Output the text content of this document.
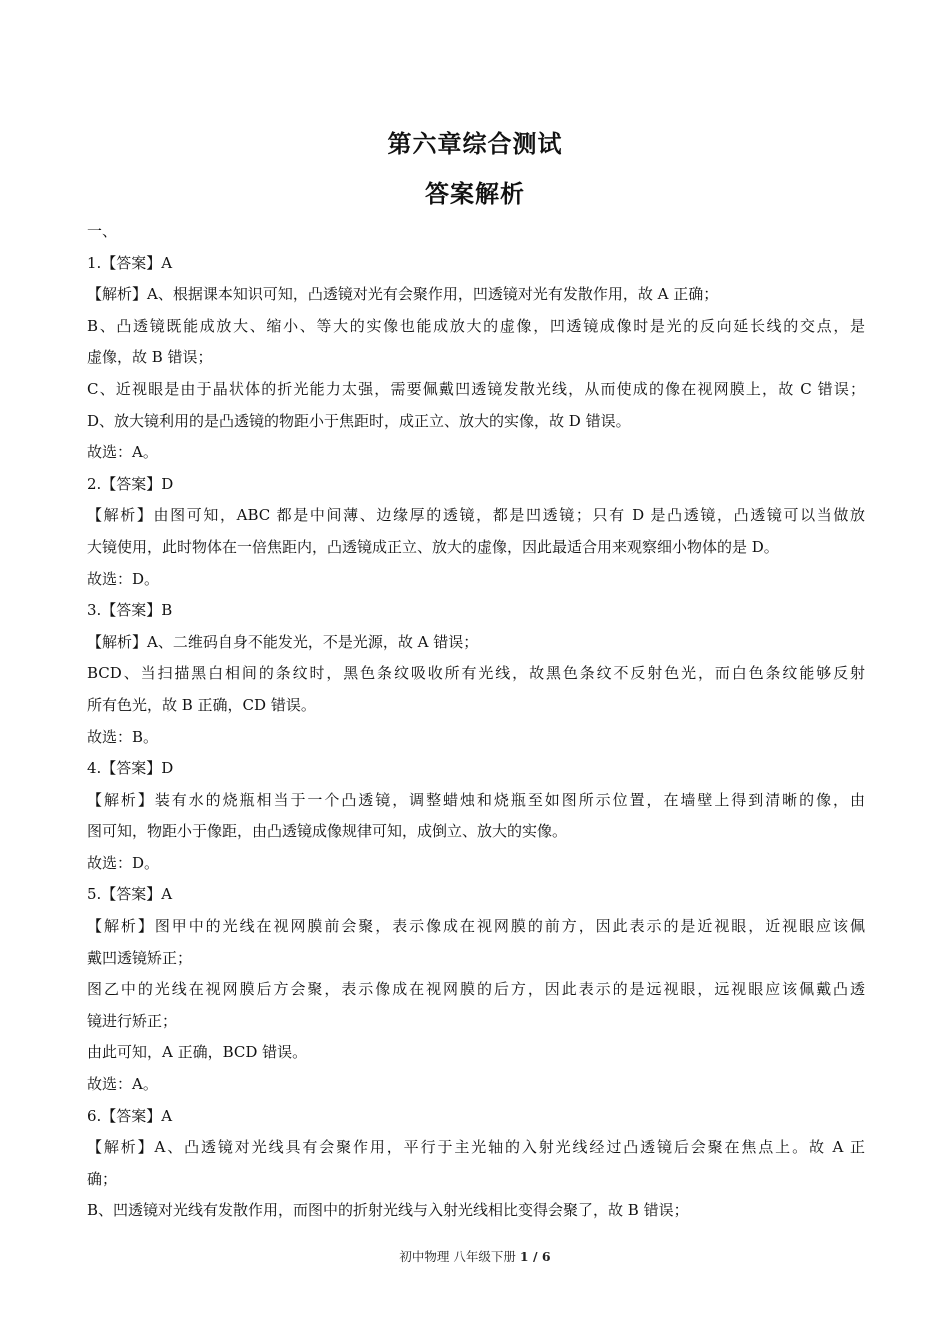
第六章综合测试
答案解析

一、

1.【答案】A

【解析】A、根据课本知识可知，凸透镜对光有会聚作用，凹透镜对光有发散作用，故 A 正确；

B、凸透镜既能成放大、缩小、等大的实像也能成放大的虚像，凹透镜成像时是光的反向延长线的交点，是

虚像，故 B 错误；

C、近视眼是由于晶状体的折光能力太强，需要佩戴凹透镜发散光线，从而使成的像在视网膜上，故 C 错误；

D、放大镜利用的是凸透镜的物距小于焦距时，成正立、放大的实像，故 D 错误。

故选：A。

2.【答案】D

【解析】由图可知，ABC 都是中间薄、边缘厚的透镜，都是凹透镜；只有 D 是凸透镜，凸透镜可以当做放

大镜使用，此时物体在一倍焦距内，凸透镜成正立、放大的虚像，因此最适合用来观察细小物体的是 D。

故选：D。

3.【答案】B

【解析】A、二维码自身不能发光，不是光源，故 A 错误；

BCD、当扫描黑白相间的条纹时，黑色条纹吸收所有光线，故黑色条纹不反射色光，而白色条纹能够反射

所有色光，故 B 正确，CD 错误。

故选：B。

4.【答案】D

【解析】装有水的烧瓶相当于一个凸透镜，调整蜡烛和烧瓶至如图所示位置，在墙壁上得到清晰的像，由

图可知，物距小于像距，由凸透镜成像规律可知，成倒立、放大的实像。

故选：D。

5.【答案】A

【解析】图甲中的光线在视网膜前会聚，表示像成在视网膜的前方，因此表示的是近视眼，近视眼应该佩

戴凹透镜矫正；

图乙中的光线在视网膜后方会聚，表示像成在视网膜的后方，因此表示的是远视眼，远视眼应该佩戴凸透

镜进行矫正；

由此可知，A 正确，BCD 错误。

故选：A。

6.【答案】A

【解析】A、凸透镜对光线具有会聚作用，平行于主光轴的入射光线经过凸透镜后会聚在焦点上。故 A 正

确；

B、凹透镜对光线有发散作用，而图中的折射光线与入射光线相比变得会聚了，故 B 错误；

初中物理 八年级下册 1 / 6
